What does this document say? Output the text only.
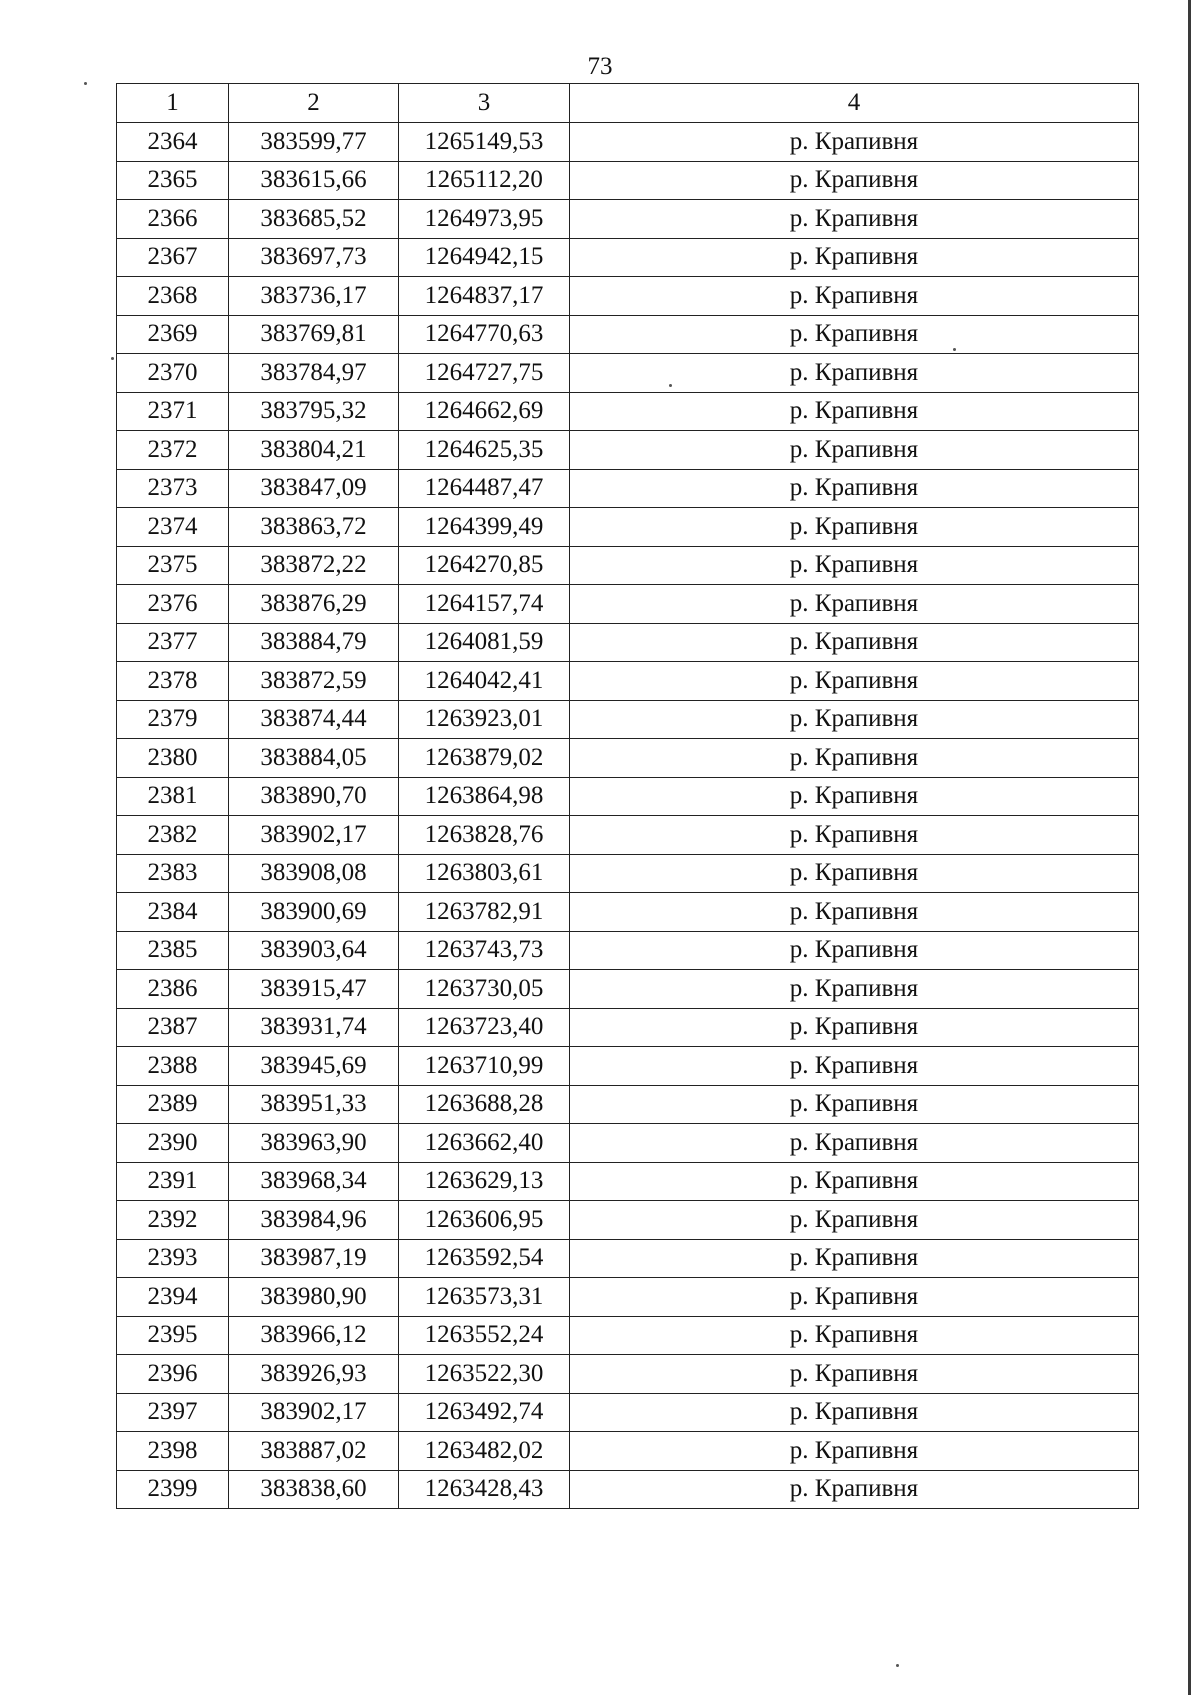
73
1	2	3	4
2364	383599,77	1265149,53	р. Крапивня
2365	383615,66	1265112,20	р. Крапивня
2366	383685,52	1264973,95	р. Крапивня
2367	383697,73	1264942,15	р. Крапивня
2368	383736,17	1264837,17	р. Крапивня
2369	383769,81	1264770,63	р. Крапивня
2370	383784,97	1264727,75	р. Крапивня
2371	383795,32	1264662,69	р. Крапивня
2372	383804,21	1264625,35	р. Крапивня
2373	383847,09	1264487,47	р. Крапивня
2374	383863,72	1264399,49	р. Крапивня
2375	383872,22	1264270,85	р. Крапивня
2376	383876,29	1264157,74	р. Крапивня
2377	383884,79	1264081,59	р. Крапивня
2378	383872,59	1264042,41	р. Крапивня
2379	383874,44	1263923,01	р. Крапивня
2380	383884,05	1263879,02	р. Крапивня
2381	383890,70	1263864,98	р. Крапивня
2382	383902,17	1263828,76	р. Крапивня
2383	383908,08	1263803,61	р. Крапивня
2384	383900,69	1263782,91	р. Крапивня
2385	383903,64	1263743,73	р. Крапивня
2386	383915,47	1263730,05	р. Крапивня
2387	383931,74	1263723,40	р. Крапивня
2388	383945,69	1263710,99	р. Крапивня
2389	383951,33	1263688,28	р. Крапивня
2390	383963,90	1263662,40	р. Крапивня
2391	383968,34	1263629,13	р. Крапивня
2392	383984,96	1263606,95	р. Крапивня
2393	383987,19	1263592,54	р. Крапивня
2394	383980,90	1263573,31	р. Крапивня
2395	383966,12	1263552,24	р. Крапивня
2396	383926,93	1263522,30	р. Крапивня
2397	383902,17	1263492,74	р. Крапивня
2398	383887,02	1263482,02	р. Крапивня
2399	383838,60	1263428,43	р. Крапивня
